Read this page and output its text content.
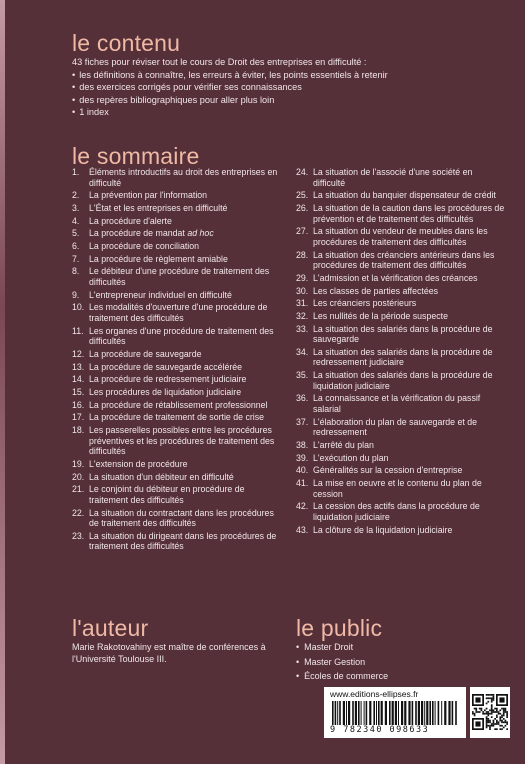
le contenu
43 fiches pour réviser tout le cours de Droit des entreprises en difficulté :
• les définitions à connaître, les erreurs à éviter, les points essentiels à retenir
• des exercices corrigés pour vérifier ses connaissances
• des repères bibliographiques pour aller plus loin
• 1 index
le sommaire
1.	Éléments introductifs au droit des entreprises en difficulté
2.	La prévention par l'information
3.	L'État et les entreprises en difficulté
4.	La procédure d'alerte
5.	La procédure de mandat ad hoc
6.	La procédure de conciliation
7.	La procédure de règlement amiable
8.	Le débiteur d'une procédure de traitement des difficultés
9.	L'entrepreneur individuel en difficulté
10. Les modalités d'ouverture d'une procédure de traitement des difficultés
11. Les organes d'une procédure de traitement des difficultés
12. La procédure de sauvegarde
13. La procédure de sauvegarde accélérée
14. La procédure de redressement judiciaire
15. Les procédures de liquidation judiciaire
16. La procédure de rétablissement professionnel
17. La procédure de traitement de sortie de crise
18. Les passerelles possibles entre les procédures préventives et les procédures de traitement des difficultés
19. L'extension de procédure
20. La situation d'un débiteur en difficulté
21. Le conjoint du débiteur en procédure de traitement des difficultés
22. La situation du contractant dans les procédures de traitement des difficultés
23. La situation du dirigeant dans les procédures de traitement des difficultés
24. La situation de l'associé d'une société en difficulté
25. La situation du banquier dispensateur de crédit
26. La situation de la caution dans les procédures de prévention et de traitement des difficultés
27. La situation du vendeur de meubles dans les procédures de traitement des difficultés
28. La situation des créanciers antérieurs dans les procédures de traitement des difficultés
29. L'admission et la vérification des créances
30. Les classes de parties affectées
31. Les créanciers postérieurs
32. Les nullités de la période suspecte
33. La situation des salariés dans la procédure de sauvegarde
34. La situation des salariés dans la procédure de redressement judiciaire
35. La situation des salariés dans la procédure de liquidation judiciaire
36. La connaissance et la vérification du passif salarial
37. L'élaboration du plan de sauvegarde et de redressement
38. L'arrêté du plan
39. L'exécution du plan
40. Généralités sur la cession d'entreprise
41. La mise en oeuvre et le contenu du plan de cession
42. La cession des actifs dans la procédure de liquidation judiciaire
43. La clôture de la liquidation judiciaire
l'auteur
Marie Rakotovahiny est maître de conférences à l'Université Toulouse III.
le public
• Master Droit
• Master Gestion
• Écoles de commerce
www.editions-ellipses.fr
9 782340 098633
